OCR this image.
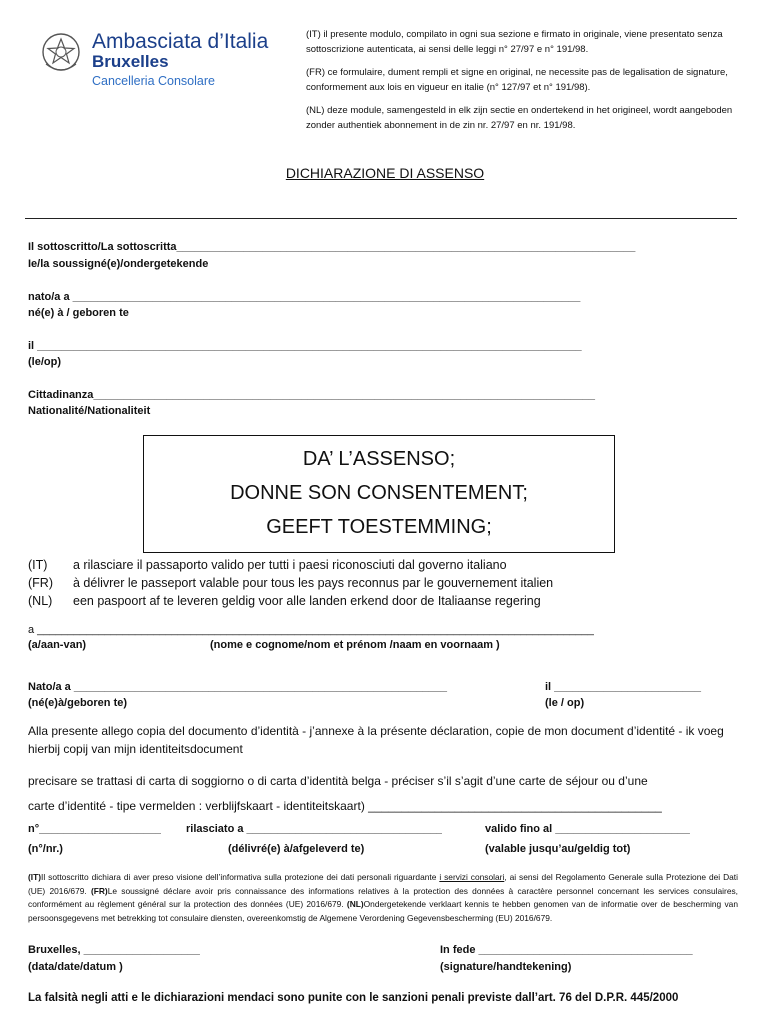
Ambasciata d’Italia
Bruxelles
Cancelleria Consolare

(IT) il presente modulo, compilato in ogni sua sezione e firmato in originale, viene presentato senza sottoscrizione autenticata, ai sensi delle leggi n° 27/97 e n° 191/98.

(FR) ce formulaire, dument rempli et signe en original, ne necessite pas de legalisation de signature, conformement aux lois en vigueur en italie (n° 127/97 et n° 191/98).

(NL) deze module, samengesteld in elk zijn sectie en ondertekend in het origineel, wordt aangeboden zonder authentiek abonnement in de zin nr. 27/97 en nr. 191/98.

DICHIARAZIONE DI ASSENSO
Il sottoscritto/La sottoscritta___________________________________________________________________________
Ie/la soussigné(e)/ondergetekende
nato/a a ___________________________________________________________________________________
né(e) à / geboren te
il _________________________________________________________________________________________
(le/op)
Cittadinanza__________________________________________________________________________________
Nationalité/Nationaliteit
DA’ L’ASSENSO;
DONNE SON CONSENTEMENT;
GEEFT TOESTEMMING;
(IT) a rilasciare il passaporto valido per tutti i paesi riconosciuti dal governo italiano
(FR) à délivrer le passeport valable pour tous les pays reconnus par le gouvernement italien
(NL) een paspoort af te leveren geldig voor alle landen erkend door de Italiaanse regering
a ___________________________________________________________________________________________
(a/aan-van)	(nome e cognome/nom et prénom /naam en voornaam )
Nato/a a _____________________________________________________________	il ________________________
(né(e)à/geboren te)	(le / op)
Alla presente allego copia del documento d’identità - j’annexe à la présente déclaration, copie de mon document d’identité - ik voeg hierbij copij van mijn identiteitsdocument
precisare se trattasi di carta di soggiorno o di carta d’identità belga - préciser s’il s’agit d’une carte de séjour ou d’une
carte d’identité - tipe vermelden : verblijfskaart - identiteitskaart) ____________________________________________
n°____________________ rilasciato a ________________________________	valido fino al ______________________
(n°/nr.)	(délivré(e) à/afgeleverd te)	(valable jusqu’au/geldig tot)
(IT)Il sottoscritto dichiara di aver preso visione dell’informativa sulla protezione dei dati personali riguardante i servizi consolari, ai sensi del Regolamento Generale sulla Protezione dei Dati (UE) 2016/679. (FR)Le soussigné déclare avoir pris connaissance des informations relatives à la protection des données à caractère personnel concernant les services consulaires, conformément au règlement général sur la protection des données (UE) 2016/679. (NL)Ondergetekende verklaart kennis te hebben genomen van de informatie over de bescherming van persoonsgegevens met betrekking tot consulaire diensten, overeenkomstig de Algemene Verordening Gegevensbescherming (EU) 2016/679.
Bruxelles, ___________________
(data/date/datum )
In fede ___________________________________
(signature/handtekening)
La falsità negli atti e le dichiarazioni mendaci sono punite con le sanzioni penali previste dall’art. 76 del D.P.R. 445/2000
